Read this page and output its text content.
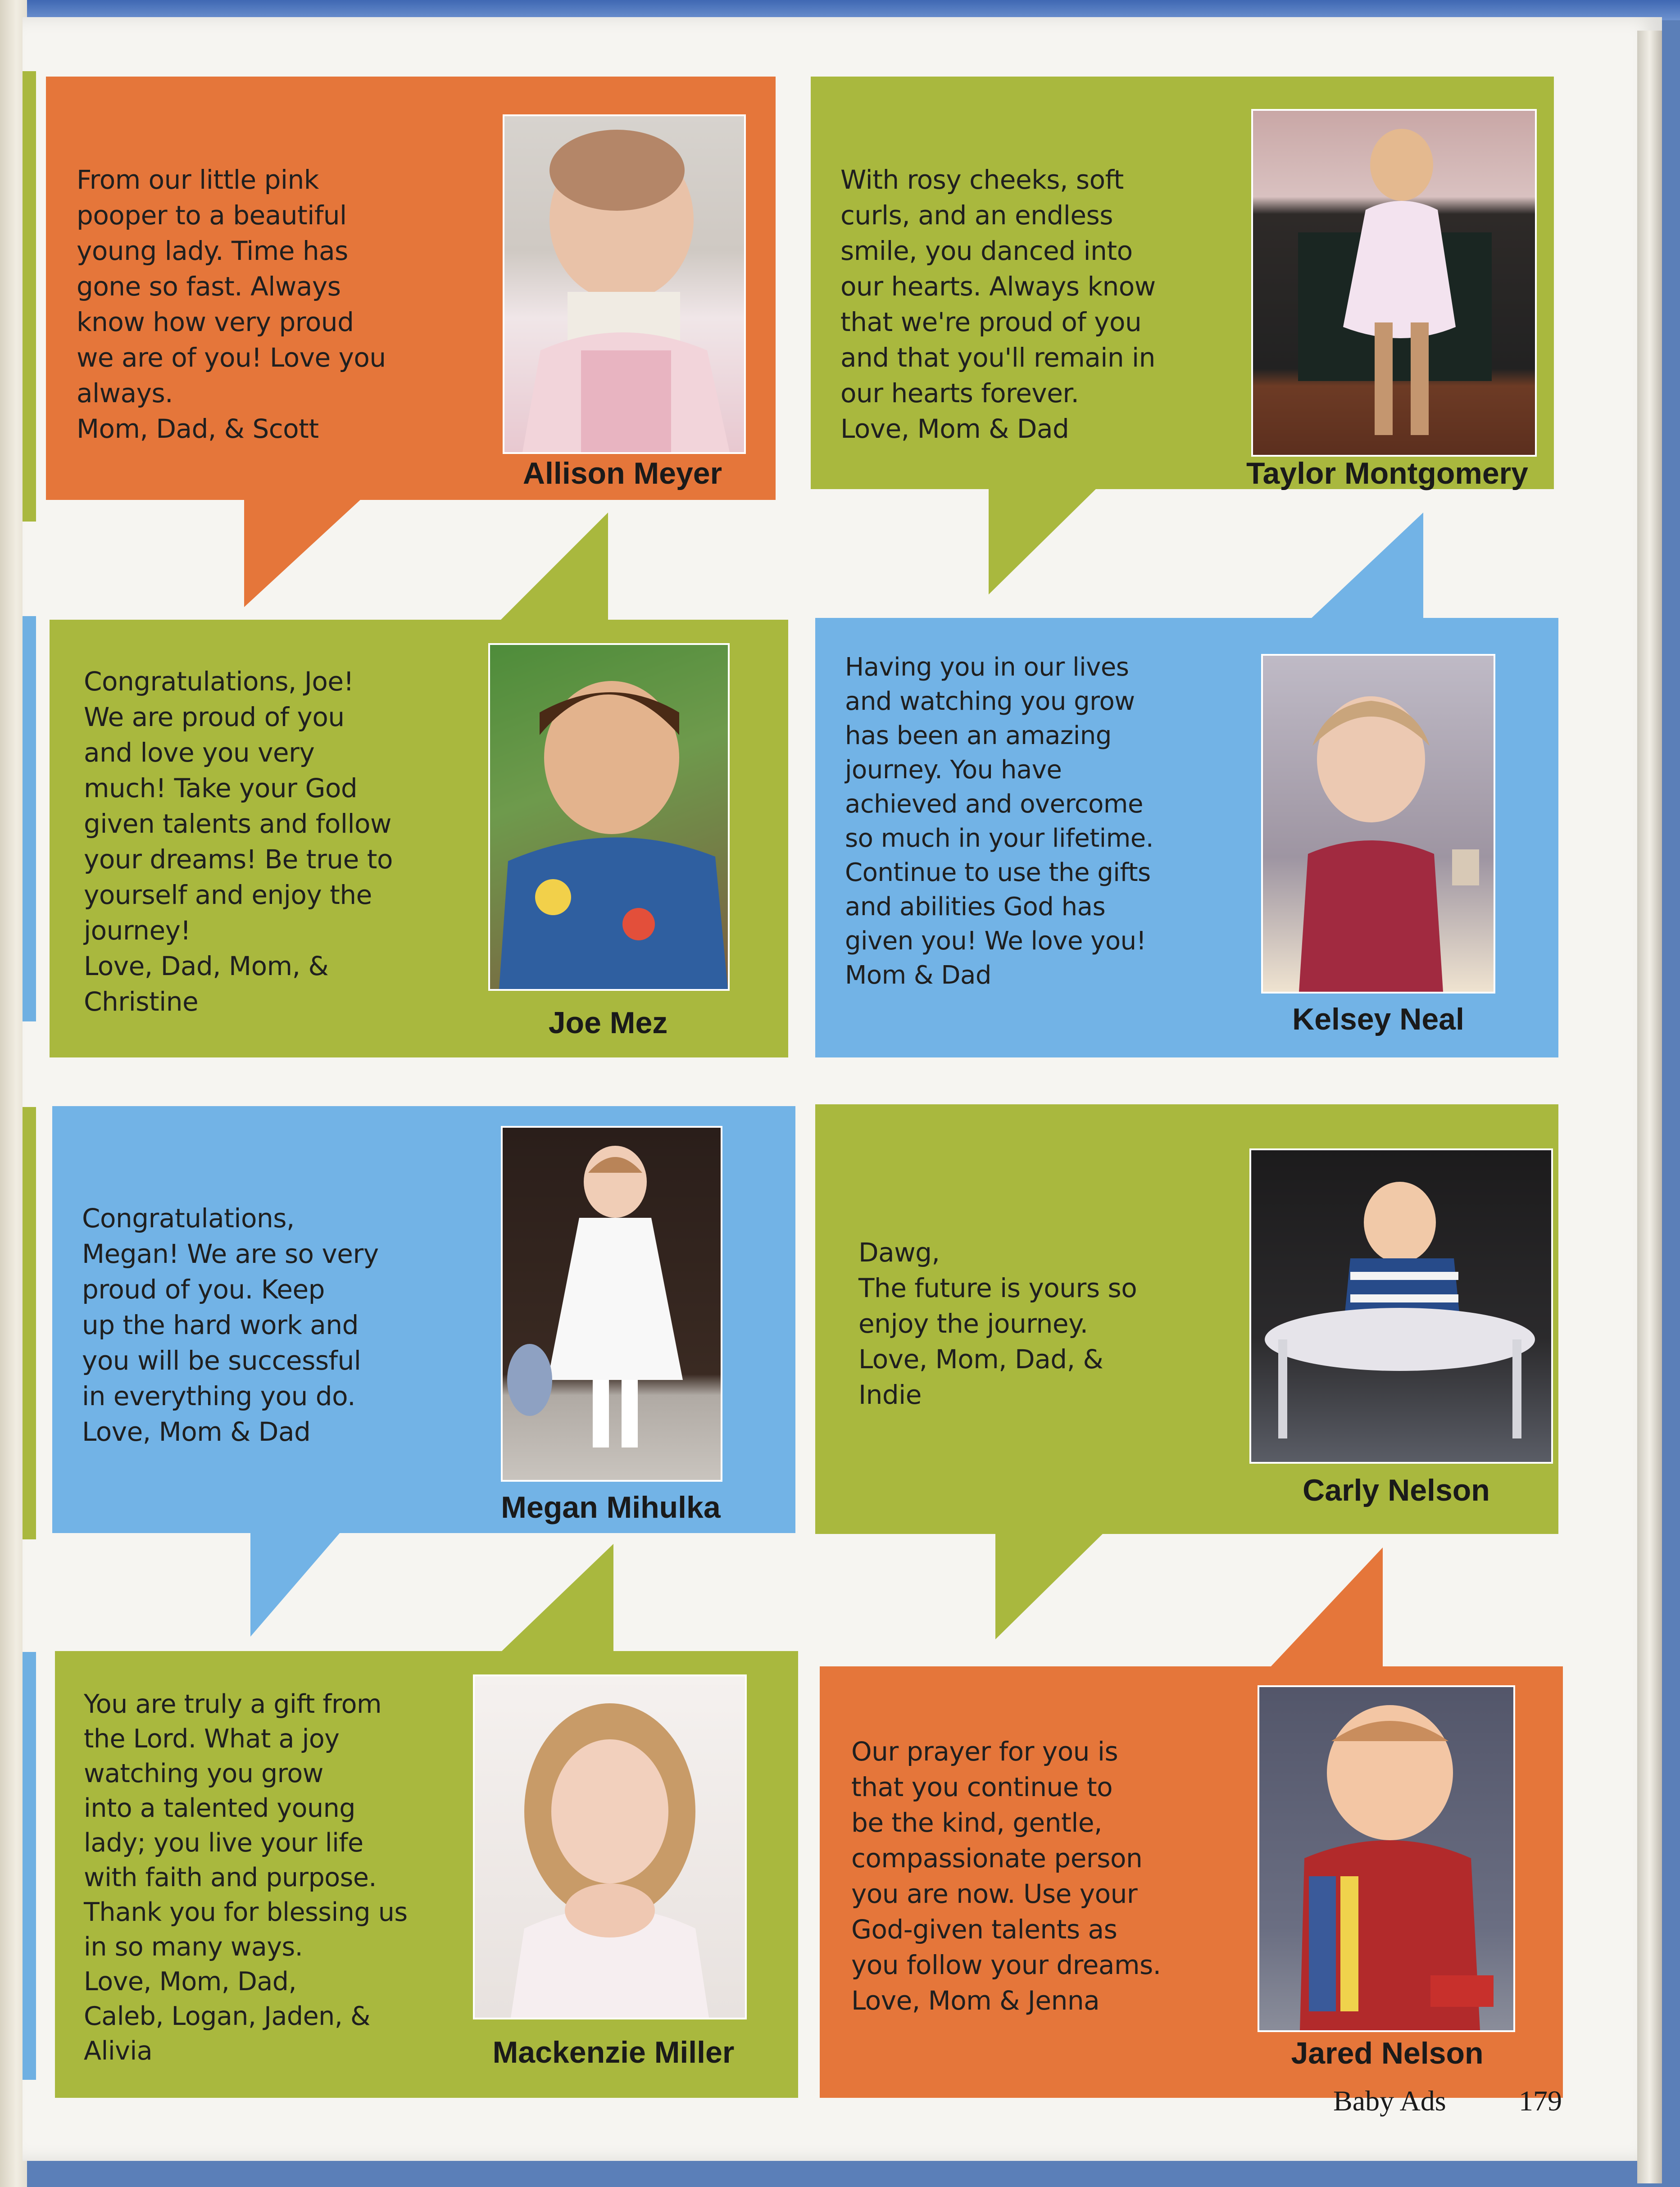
From our little pink
pooper to a beautiful
young lady. Time has
gone so fast. Always
know how very proud
we are of you! Love you
always.
Mom, Dad, & Scott
Allison Meyer
With rosy cheeks, soft
curls, and an endless
smile, you danced into
our hearts. Always know
that we're proud of you
and that you'll remain in
our hearts forever.
Love, Mom & Dad
Taylor Montgomery
Congratulations, Joe!
We are proud of you
and love you very
much! Take your God
given talents and follow
your dreams! Be true to
yourself and enjoy the
journey!
Love, Dad, Mom, &
Christine
Joe Mez
Having you in our lives
and watching you grow
has been an amazing
journey. You have
achieved and overcome
so much in your lifetime.
Continue to use the gifts
and abilities God has
given you! We love you!
Mom & Dad
Kelsey Neal
Congratulations,
Megan! We are so very
proud of you. Keep
up the hard work and
you will be successful
in everything you do.
Love, Mom & Dad
Megan Mihulka
Dawg,
The future is yours so
enjoy the journey.
Love, Mom, Dad, &
Indie
Carly Nelson
You are truly a gift from
the Lord. What a joy
watching you grow
into a talented young
lady; you live your life
with faith and purpose.
Thank you for blessing us
in so many ways.
Love, Mom, Dad,
Caleb, Logan, Jaden, &
Alivia	Mackenzie Miller
Our prayer for you is
that you continue to
be the kind, gentle,
compassionate person
you are now. Use your
God-given talents as
you follow your dreams.
Love, Mom & Jenna
Jared Nelson
Baby Ads	179
